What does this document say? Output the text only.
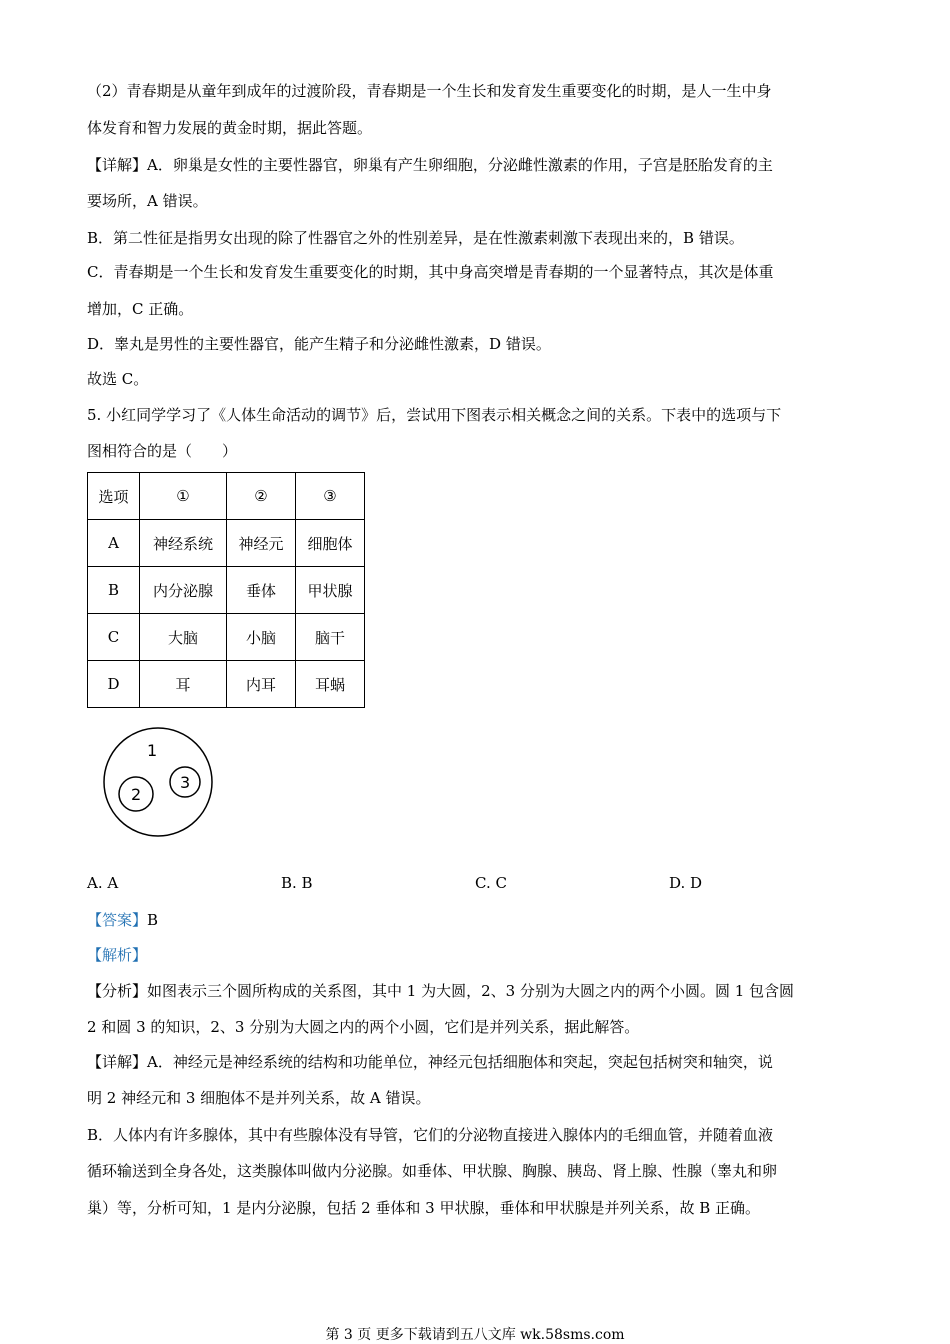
（2）青春期是从童年到成年的过渡阶段，青春期是一个生长和发育发生重要变化的时期，是人一生中身
体发育和智力发展的黄金时期，据此答题。
【详解】A．卵巢是女性的主要性器官，卵巢有产生卵细胞，分泌雌性激素的作用，子宫是胚胎发育的主
要场所，A 错误。
B．第二性征是指男女出现的除了性器官之外的性别差异，是在性激素刺激下表现出来的，B 错误。
C．青春期是一个生长和发育发生重要变化的时期，其中身高突增是青春期的一个显著特点，其次是体重
增加，C 正确。
D．睾丸是男性的主要性器官，能产生精子和分泌雌性激素，D 错误。
故选 C。
5. 小红同学学习了《人体生命活动的调节》后，尝试用下图表示相关概念之间的关系。下表中的选项与下
图相符合的是（　　）
选项	①	②	③
A	神经系统	神经元	细胞体
B	内分泌腺	垂体	甲状腺
C	大脑	小脑	脑干
D	耳	内耳	耳蜗
1
2
3
A. A	B. B	C. C	D. D
【答案】B
【解析】
【分析】如图表示三个圆所构成的关系图，其中 1 为大圆，2、3 分别为大圆之内的两个小圆。圆 1 包含圆
2 和圆 3 的知识，2、3 分别为大圆之内的两个小圆，它们是并列关系，据此解答。
【详解】A．神经元是神经系统的结构和功能单位，神经元包括细胞体和突起，突起包括树突和轴突，说
明 2 神经元和 3 细胞体不是并列关系，故 A 错误。
B．人体内有许多腺体，其中有些腺体没有导管，它们的分泌物直接进入腺体内的毛细血管，并随着血液
循环输送到全身各处，这类腺体叫做内分泌腺。如垂体、甲状腺、胸腺、胰岛、肾上腺、性腺（睾丸和卵
巢）等，分析可知，1 是内分泌腺，包括 2 垂体和 3 甲状腺，垂体和甲状腺是并列关系，故 B 正确。
第 3 页 更多下载请到五八文库 wk.58sms.com
